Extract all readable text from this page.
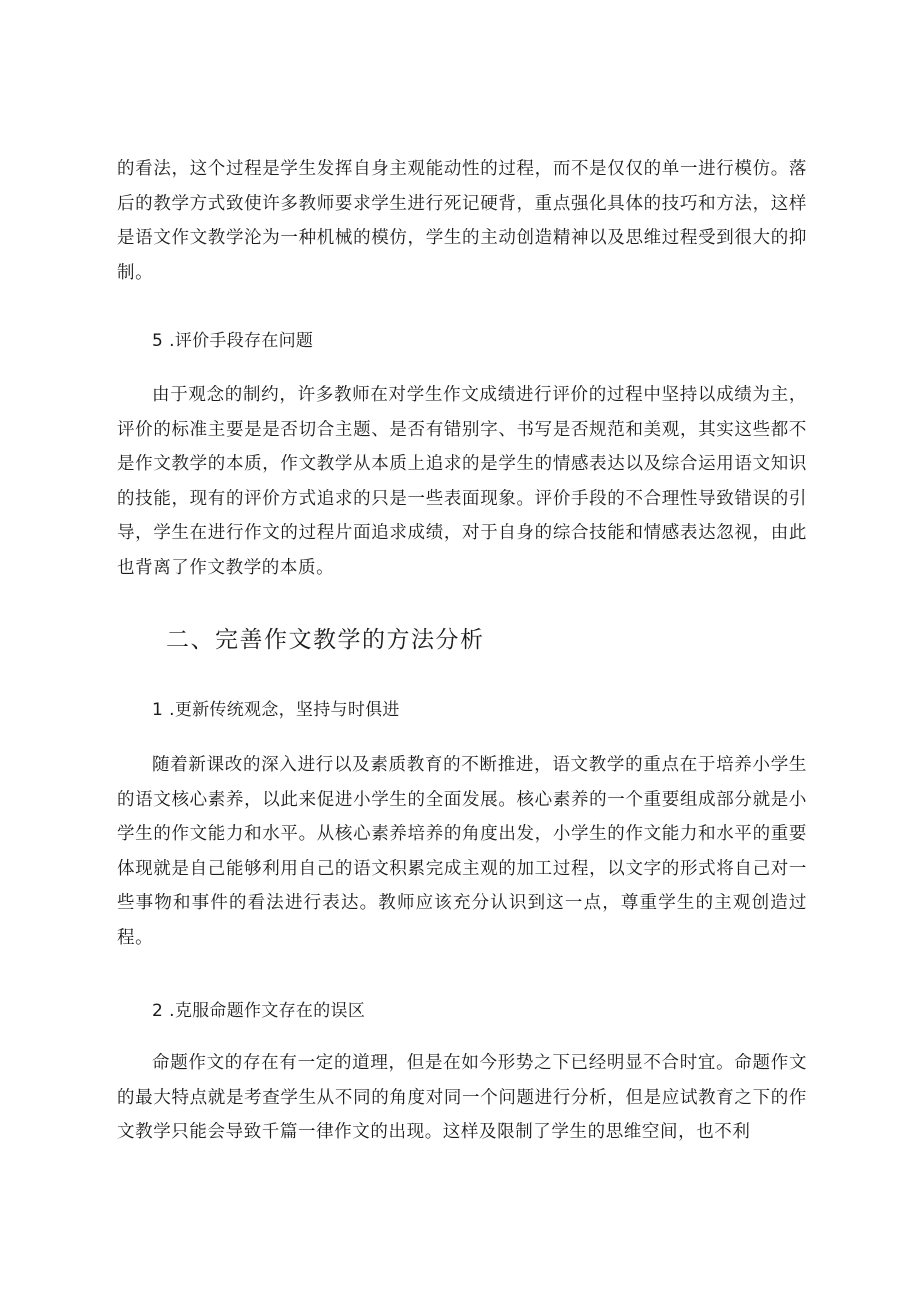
的看法，这个过程是学生发挥自身主观能动性的过程，而不是仅仅的单一进行模仿。落后的教学方式致使许多教师要求学生进行死记硬背，重点强化具体的技巧和方法，这样是语文作文教学沦为一种机械的模仿，学生的主动创造精神以及思维过程受到很大的抑制。

5 .评价手段存在问题

由于观念的制约，许多教师在对学生作文成绩进行评价的过程中坚持以成绩为主，评价的标准主要是是否切合主题、是否有错别字、书写是否规范和美观，其实这些都不是作文教学的本质，作文教学从本质上追求的是学生的情感表达以及综合运用语文知识的技能，现有的评价方式追求的只是一些表面现象。评价手段的不合理性导致错误的引导，学生在进行作文的过程片面追求成绩，对于自身的综合技能和情感表达忽视，由此也背离了作文教学的本质。

二、完善作文教学的方法分析
1 .更新传统观念，坚持与时俱进

随着新课改的深入进行以及素质教育的不断推进，语文教学的重点在于培养小学生的语文核心素养，以此来促进小学生的全面发展。核心素养的一个重要组成部分就是小学生的作文能力和水平。从核心素养培养的角度出发，小学生的作文能力和水平的重要体现就是自己能够利用自己的语文积累完成主观的加工过程，以文字的形式将自己对一些事物和事件的看法进行表达。教师应该充分认识到这一点，尊重学生的主观创造过程。

2 .克服命题作文存在的误区

命题作文的存在有一定的道理，但是在如今形势之下已经明显不合时宜。命题作文的最大特点就是考查学生从不同的角度对同一个问题进行分析，但是应试教育之下的作文教学只能会导致千篇一律作文的出现。这样及限制了学生的思维空间，也不利
